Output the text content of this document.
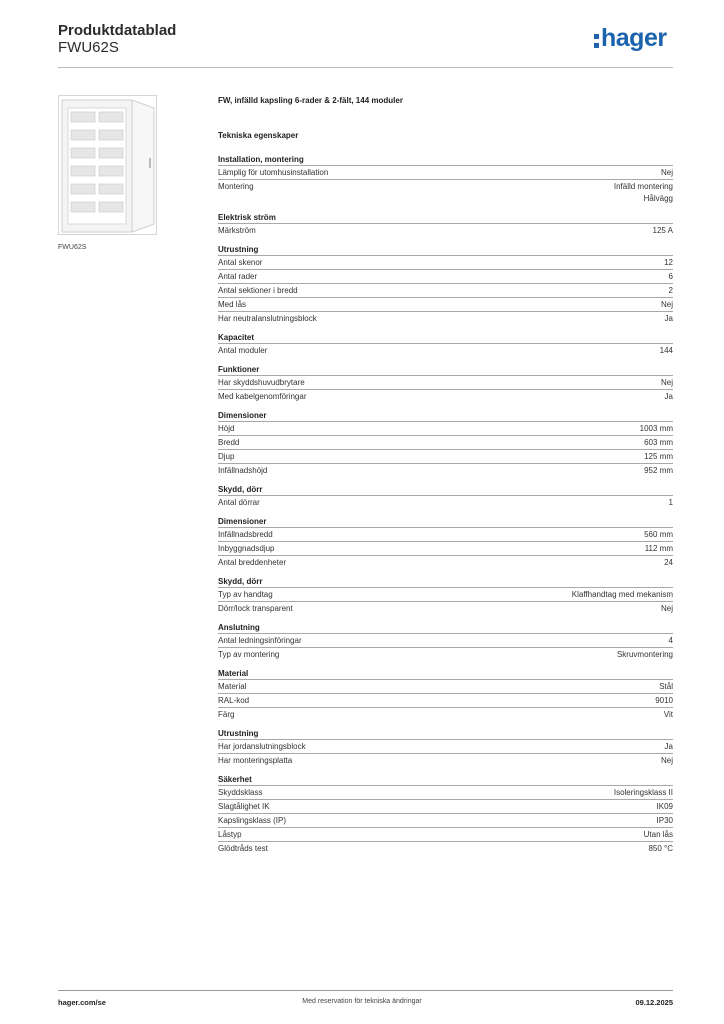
Produktdatablad
FWU62S	hager
FWU62S
FW, infälld kapsling 6-rader & 2-fält, 144 moduler
Tekniska egenskaper
Installation, montering
Lämplig för utomhusinstallation	Nej
Montering	Infälld montering
Hålvägg
Elektrisk ström
Märkström	125 A
Utrustning
Antal skenor	12
Antal rader	6
Antal sektioner i bredd	2
Med lås	Nej
Har neutralanslutningsblock	Ja
Kapacitet
Antal moduler	144
Funktioner
Har skyddshuvudbrytare	Nej
Med kabelgenomföringar	Ja
Dimensioner
Höjd	1003 mm
Bredd	603 mm
Djup	125 mm
Infällnadshöjd	952 mm
Skydd, dörr
Antal dörrar	1
Dimensioner
Infällnadsbredd	560 mm
Inbyggnadsdjup	112 mm
Antal breddenheter	24
Skydd, dörr
Typ av handtag	Klaffhandtag med mekanism
Dörr/lock transparent	Nej
Anslutning
Antal ledningsinföringar	4
Typ av montering	Skruvmontering
Material
Material	Stål
RAL-kod	9010
Färg	Vit
Utrustning
Har jordanslutningsblock	Ja
Har monteringsplatta	Nej
Säkerhet
Skyddsklass	Isoleringsklass II
Slagtålighet IK	IK09
Kapslingsklass (IP)	IP30
Låstyp	Utan lås
Glödtråds test	850 °C
hager.com/se	Med reservation för tekniska ändringar	09.12.2025
